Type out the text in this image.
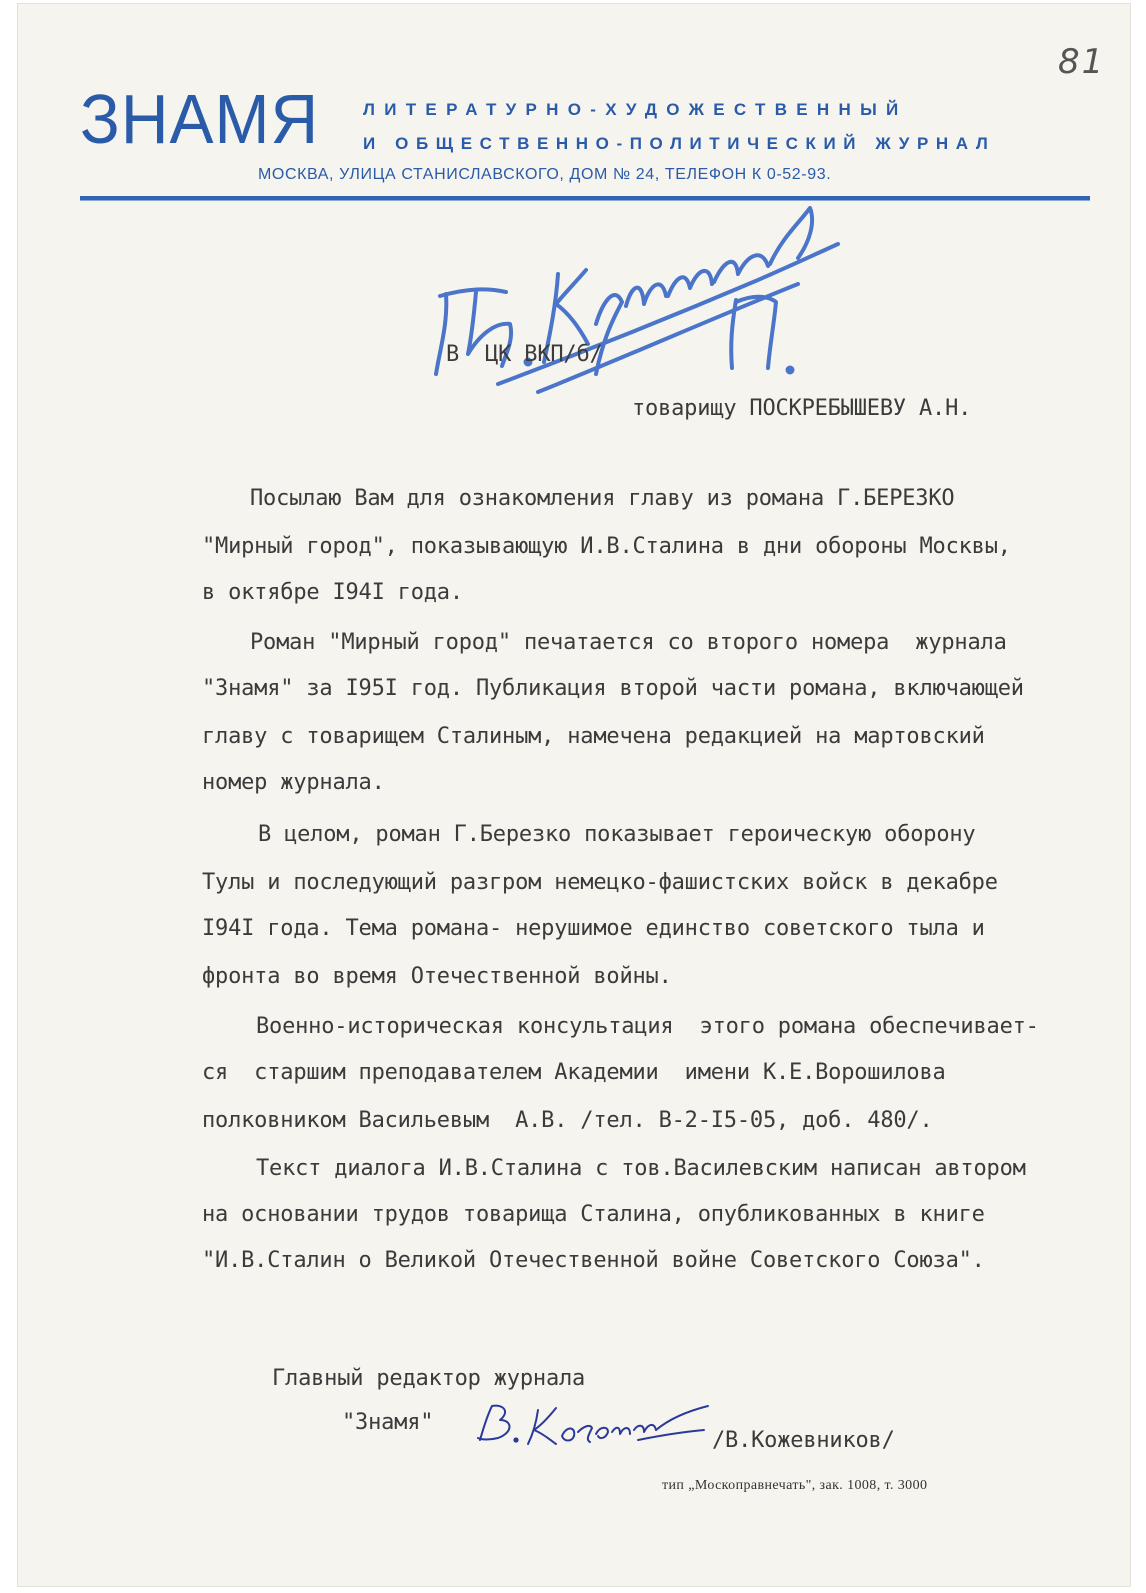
81
ЗНАМЯ	ЛИТЕРАТУРНО-ХУДОЖЕСТВЕННЫЙ
И ОБЩЕСТВЕННО-ПОЛИТИЧЕСКИЙ ЖУРНАЛ
МОСКВА, УЛИЦА СТАНИСЛАВСКОГО, ДОМ № 24, ТЕЛЕФОН К 0-52-93.

В  ЦК ВКП/б/

товарищу ПОСКРЕБЫШЕВУ А.Н.

Посылаю Вам для ознакомления главу из романа Г.БЕРЕЗКО

"Мирный город", показывающую И.В.Сталина в дни обороны Москвы,

в октябре I94I года.

Роман "Мирный город" печатается со второго номера  журнала

"Знамя" за I95I год. Публикация второй части романа, включающей

главу с товарищем Сталиным, намечена редакцией на мартовский

номер журнала.

В целом, роман Г.Березко показывает героическую оборону

Тулы и последующий разгром немецко-фашистских войск в декабре

I94I года. Тема романа- нерушимое единство советского тыла и

фронта во время Отечественной войны.

Военно-историческая консультация  этого романа обеспечивает-

ся  старшим преподавателем Академии  имени К.Е.Ворошилова

полковником Васильевым  А.В. /тел. В-2-I5-05, доб. 480/.

Текст диалога И.В.Сталина с тов.Василевским написан автором

на основании трудов товарища Сталина, опубликованных в книге

"И.В.Сталин о Великой Отечественной войне Советского Союза".

Главный редактор журнала

"Знамя"

/В.Кожевников/

тип „Москоправнечать", зак. 1008, т. 3000
